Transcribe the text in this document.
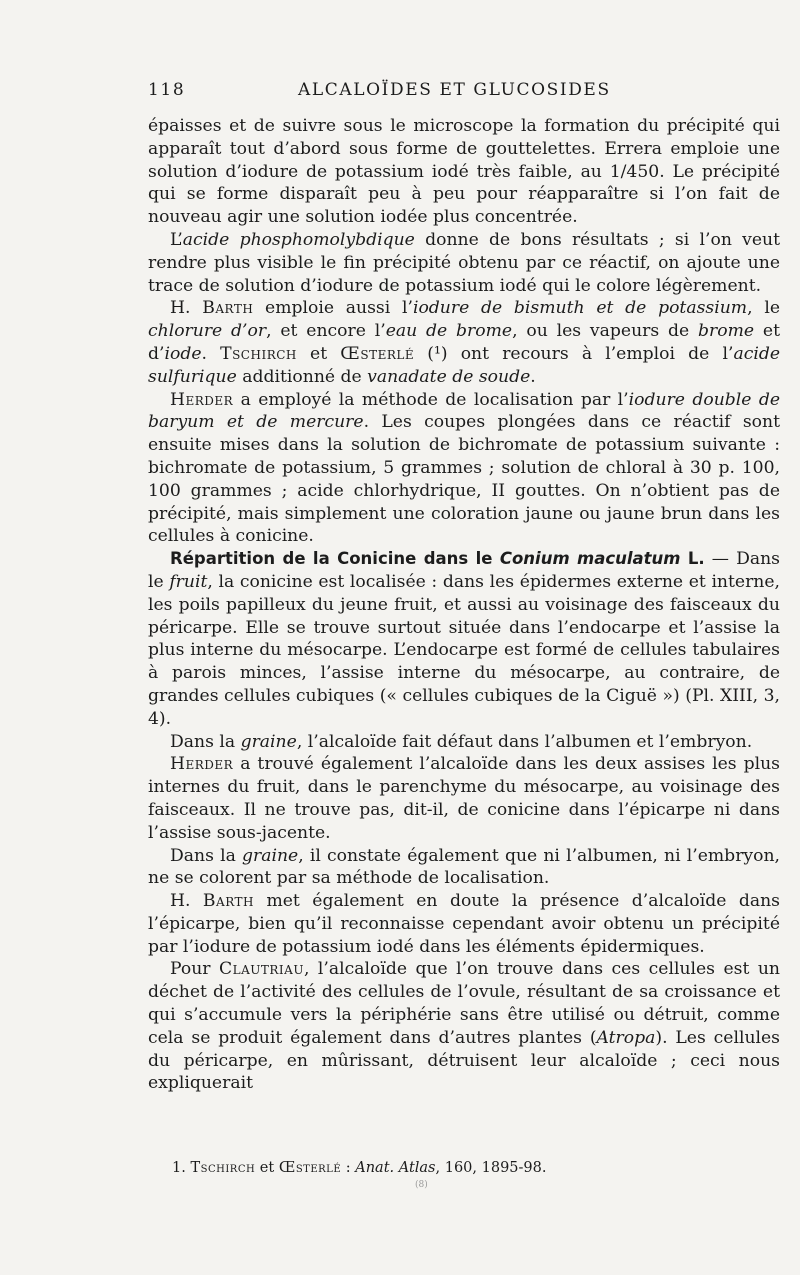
118	ALCALOÏDES ET GLUCOSIDES

épaisses et de suivre sous le microscope la formation du précipité qui apparaît tout d’abord sous forme de gouttelettes. Errera emploie une solution d’iodure de potassium iodé très faible, au 1/450. Le précipité qui se forme disparaît peu à peu pour réapparaître si l’on fait de nouveau agir une solution iodée plus concentrée.

L’acide phosphomolybdique donne de bons résultats ; si l’on veut rendre plus visible le fin précipité obtenu par ce réactif, on ajoute une trace de solution d’iodure de potassium iodé qui le colore légèrement.

H. Barth emploie aussi l’iodure de bismuth et de potassium, le chlorure d’or, et encore l’eau de brome, ou les vapeurs de brome et d’iode. Tschirch et Œsterlé (¹) ont recours à l’emploi de l’acide sulfurique additionné de vanadate de soude.

Herder a employé la méthode de localisation par l’iodure double de baryum et de mercure. Les coupes plongées dans ce réactif sont ensuite mises dans la solution de bichromate de potassium suivante : bichromate de potassium, 5 grammes ; solution de chloral à 30 p. 100, 100 grammes ; acide chlorhydrique, II gouttes. On n’obtient pas de précipité, mais simplement une coloration jaune ou jaune brun dans les cellules à conicine.

Répartition de la Conicine dans le Conium maculatum L. — Dans le fruit, la conicine est localisée : dans les épidermes externe et interne, les poils papilleux du jeune fruit, et aussi au voisinage des faisceaux du péricarpe. Elle se trouve surtout située dans l’endocarpe et l’assise la plus interne du mésocarpe. L’endocarpe est formé de cellules tabulaires à parois minces, l’assise interne du mésocarpe, au contraire, de grandes cellules cubiques (« cellules cubiques de la Ciguë ») (Pl. XIII, 3, 4).

Dans la graine, l’alcaloïde fait défaut dans l’albumen et l’embryon.

Herder a trouvé également l’alcaloïde dans les deux assises les plus internes du fruit, dans le parenchyme du mésocarpe, au voisinage des faisceaux. Il ne trouve pas, dit-il, de conicine dans l’épicarpe ni dans l’assise sous-jacente.

Dans la graine, il constate également que ni l’albumen, ni l’embryon, ne se colorent par sa méthode de localisation.

H. Barth met également en doute la présence d’alcaloïde dans l’épicarpe, bien qu’il reconnaisse cependant avoir obtenu un précipité par l’iodure de potassium iodé dans les éléments épidermiques.

Pour Clautriau, l’alcaloïde que l’on trouve dans ces cellules est un déchet de l’activité des cellules de l’ovule, résultant de sa croissance et qui s’accumule vers la périphérie sans être utilisé ou détruit, comme cela se produit également dans d’autres plantes (Atropa). Les cellules du péricarpe, en mûrissant, détruisent leur alcaloïde ; ceci nous expliquerait

1. Tschirch et Œsterlé : Anat. Atlas, 160, 1895-98.
(8)
